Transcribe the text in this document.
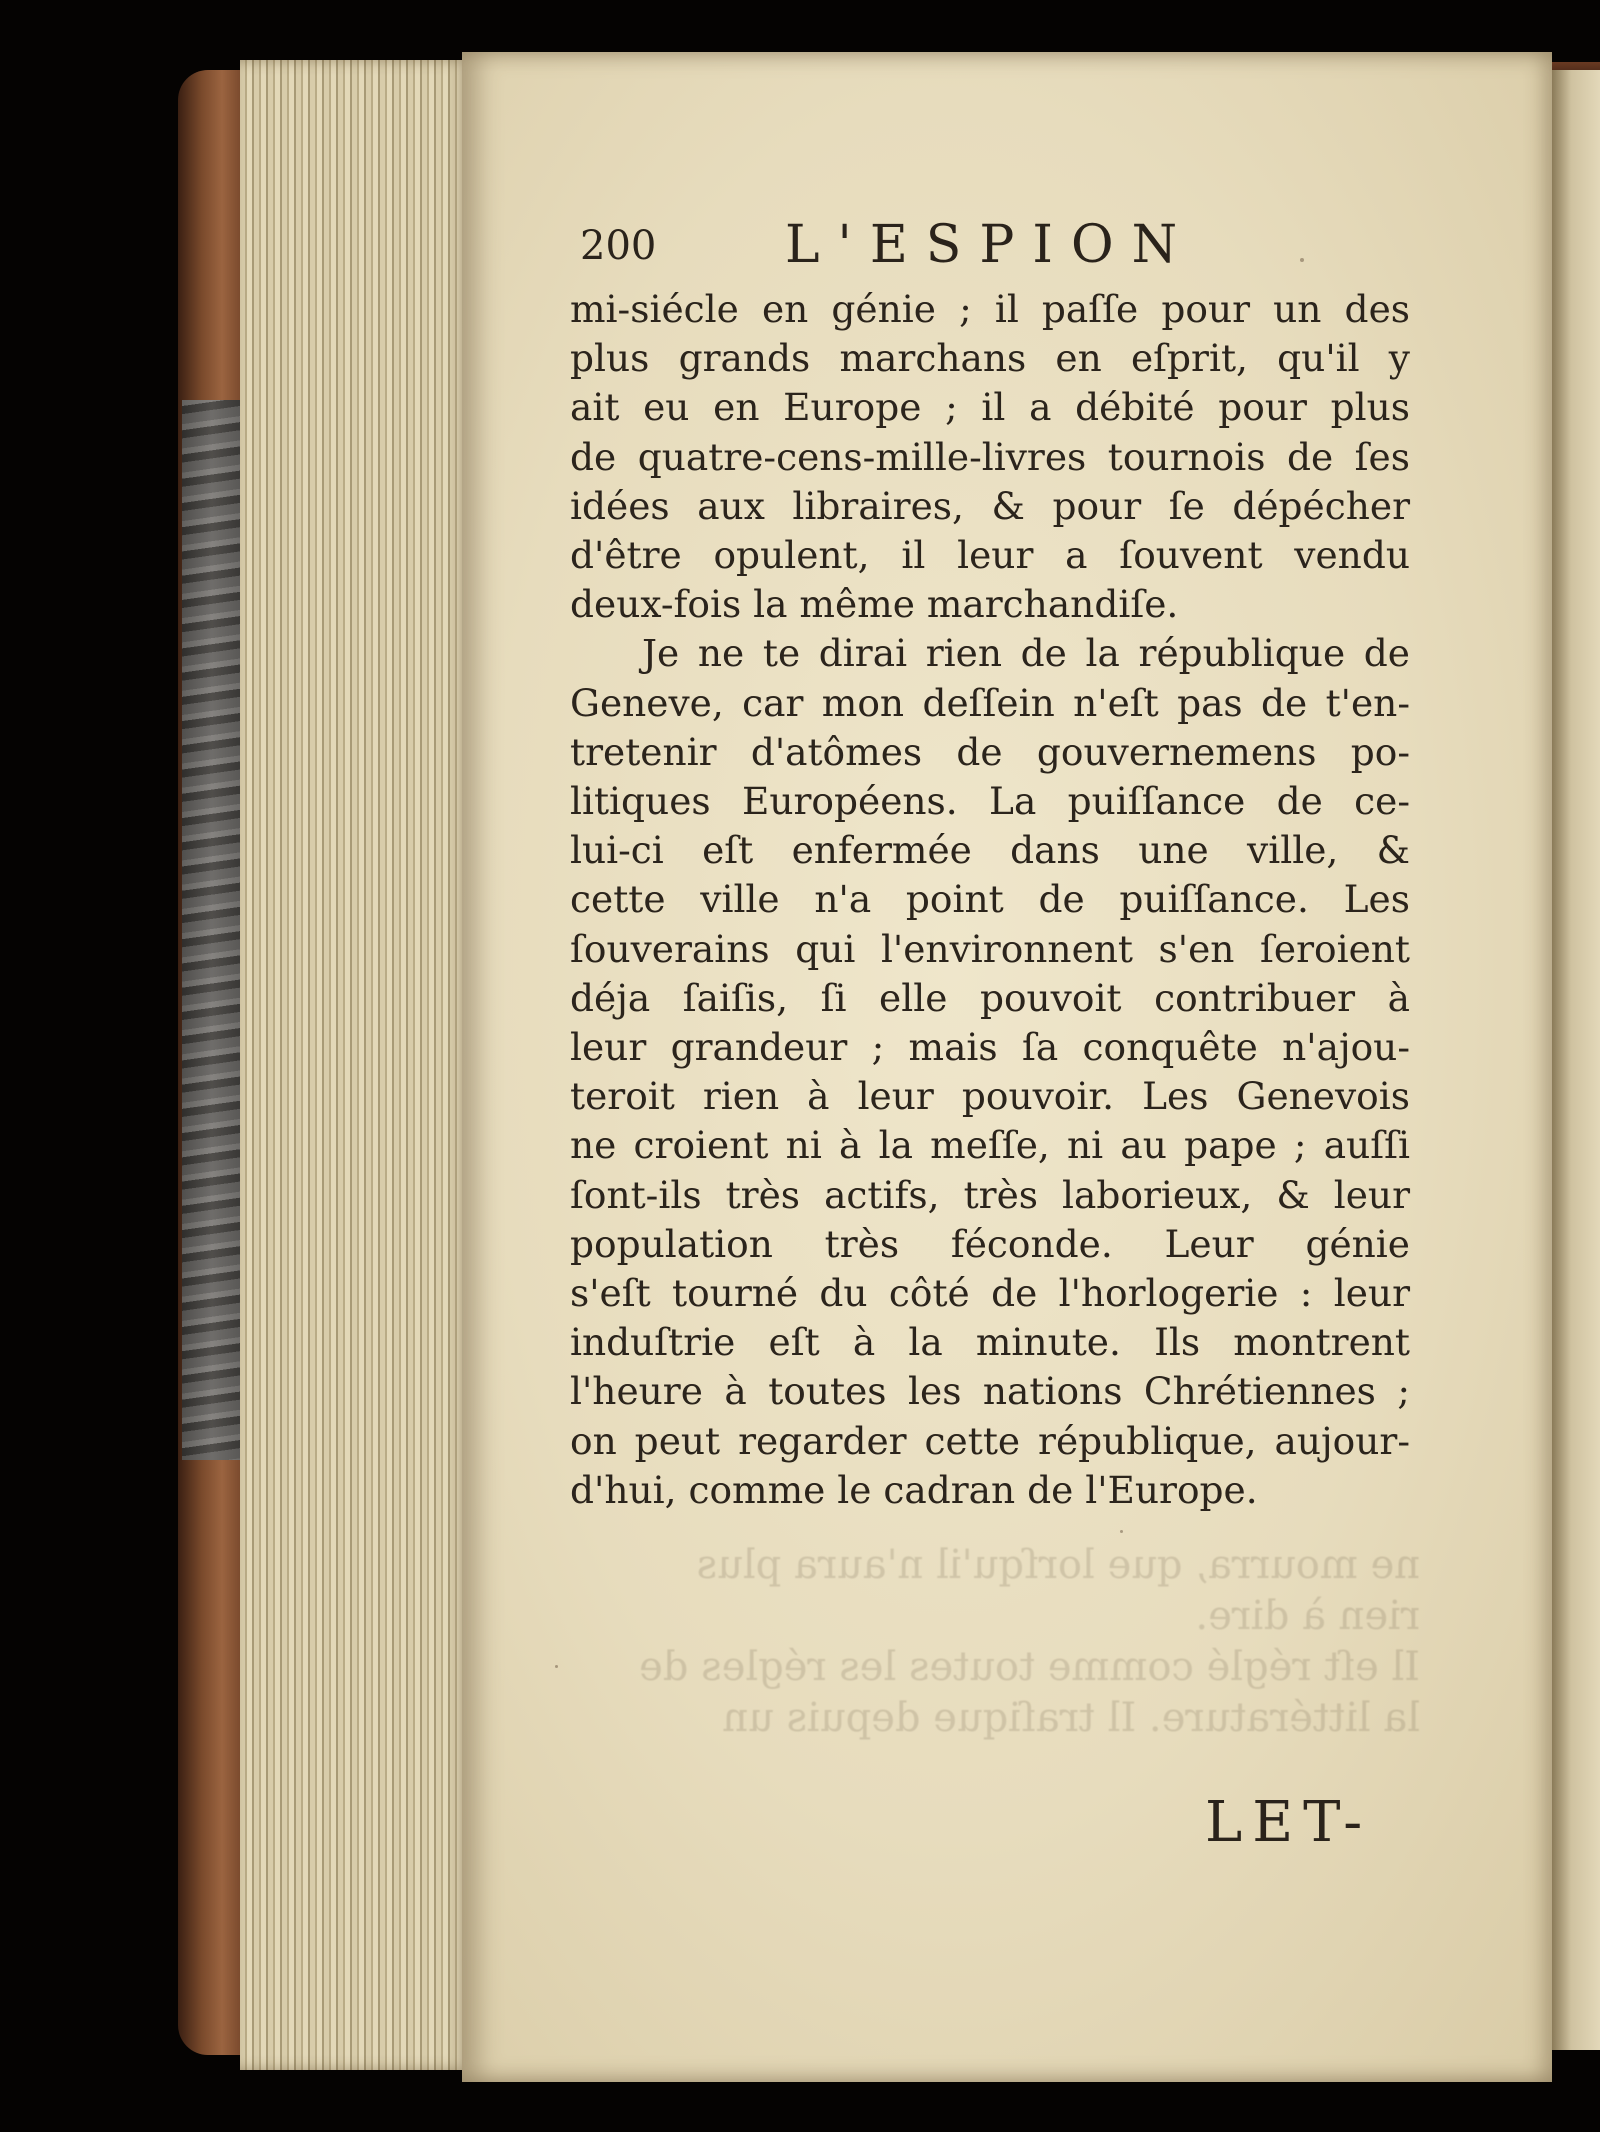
ne mourra, que lorſqu'il n'aura plus
rien à dire.
Il eſt réglé comme toutes les régles de
la littérature. Il traſique depuis un
200 L'ESPION
mi-siécle en génie ; il paſſe pour un des
plus grands marchans en eſprit, qu'il y
ait eu en Europe ; il a débité pour plus
de quatre-cens-mille-livres tournois de ſes
idées aux libraires, & pour ſe dépécher
d'être opulent, il leur a ſouvent vendu
deux-fois la même marchandiſe.
Je ne te dirai rien de la république de
Geneve, car mon deſſein n'eſt pas de t'en-
tretenir d'atômes de gouvernemens po-
litiques Européens. La puiſſance de ce-
lui-ci eſt enfermée dans une ville, &
cette ville n'a point de puiſſance. Les
ſouverains qui l'environnent s'en ſeroient
déja ſaiſis, ſi elle pouvoit contribuer à
leur grandeur ; mais ſa conquête n'ajou-
teroit rien à leur pouvoir. Les Genevois
ne croient ni à la meſſe, ni au pape ; auſſi
ſont-ils très actifs, très laborieux, & leur
population très féconde. Leur génie
s'eſt tourné du côté de l'horlogerie : leur
induſtrie eſt à la minute. Ils montrent
l'heure à toutes les nations Chrétiennes ;
on peut regarder cette république, aujour-
d'hui, comme le cadran de l'Europe.
LET-
